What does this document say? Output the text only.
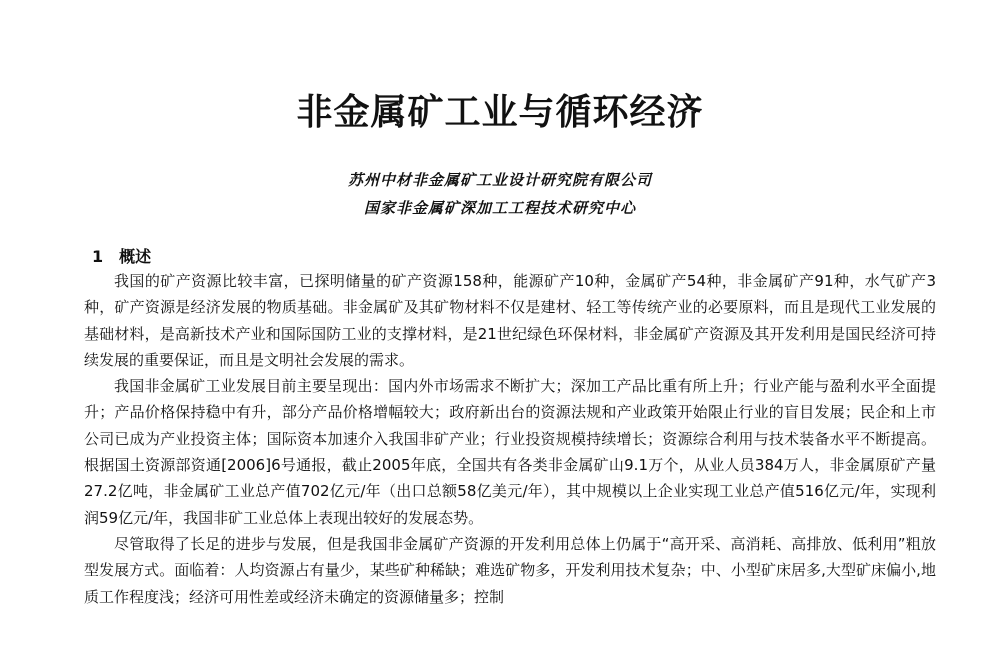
非金属矿工业与循环经济
苏州中材非金属矿工业设计研究院有限公司
国家非金属矿深加工工程技术研究中心
1 概述

我国的矿产资源比较丰富，已探明储量的矿产资源158种，能源矿产10种，金属矿产54种，非金属矿产91种，水气矿产3种，矿产资源是经济发展的物质基础。非金属矿及其矿物材料不仅是建材、轻工等传统产业的必要原料，而且是现代工业发展的基础材料，是高新技术产业和国际国防工业的支撑材料，是21世纪绿色环保材料，非金属矿产资源及其开发利用是国民经济可持续发展的重要保证，而且是文明社会发展的需求。

我国非金属矿工业发展目前主要呈现出：国内外市场需求不断扩大；深加工产品比重有所上升；行业产能与盈利水平全面提升；产品价格保持稳中有升，部分产品价格增幅较大；政府新出台的资源法规和产业政策开始限止行业的盲目发展；民企和上市公司已成为产业投资主体；国际资本加速介入我国非矿产业；行业投资规模持续增长；资源综合利用与技术装备水平不断提高。根据国土资源部资通[2006]6号通报，截止2005年底，全国共有各类非金属矿山9.1万个，从业人员384万人，非金属原矿产量27.2亿吨，非金属矿工业总产值702亿元/年（出口总额58亿美元/年），其中规模以上企业实现工业总产值516亿元/年，实现利润59亿元/年，我国非矿工业总体上表现出较好的发展态势。

尽管取得了长足的进步与发展，但是我国非金属矿产资源的开发利用总体上仍属于“高开采、高消耗、高排放、低利用”粗放型发展方式。面临着：人均资源占有量少，某些矿种稀缺；难选矿物多，开发利用技术复杂；中、小型矿床居多,大型矿床偏小,地质工作程度浅；经济可用性差或经济未确定的资源储量多；控制
